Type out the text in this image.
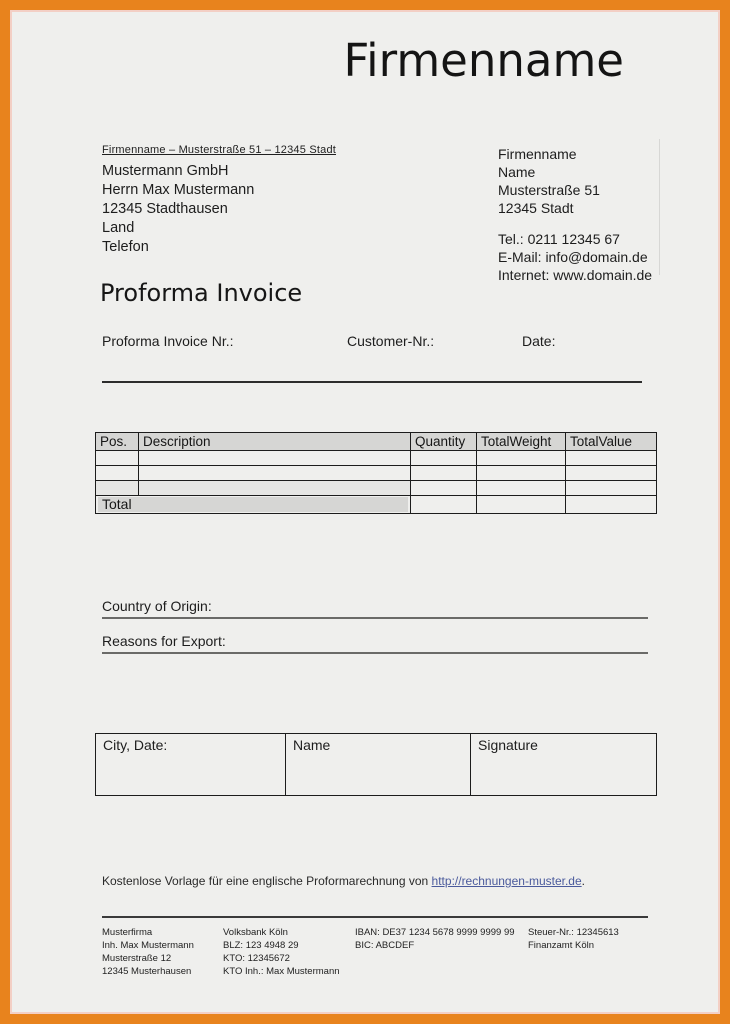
Firmenname
Firmenname – Musterstraße 51 – 12345 Stadt
Mustermann GmbH
Herrn Max Mustermann
12345 Stadthausen
Land
Telefon
Firmenname
Name
Musterstraße 51
12345 Stadt
Tel.: 0211 12345 67
E-Mail: info@domain.de
Internet: www.domain.de
Proforma Invoice
Proforma Invoice Nr.:	Customer-Nr.:	Date:
Pos.	Description	Quantity	TotalWeight	TotalValue

Total				

Country of Origin:
Reasons for Export:
City, Date:	Name	Signature
Kostenlose Vorlage für eine englische Proformarechnung von http://rechnungen-muster.de.
Musterfirma
Inh. Max Mustermann
Musterstraße 12
12345 Musterhausen
Volksbank Köln
BLZ: 123 4948 29
KTO: 12345672
KTO Inh.: Max Mustermann
IBAN: DE37 1234 5678 9999 9999 99
BIC: ABCDEF
Steuer-Nr.: 12345613
Finanzamt Köln
